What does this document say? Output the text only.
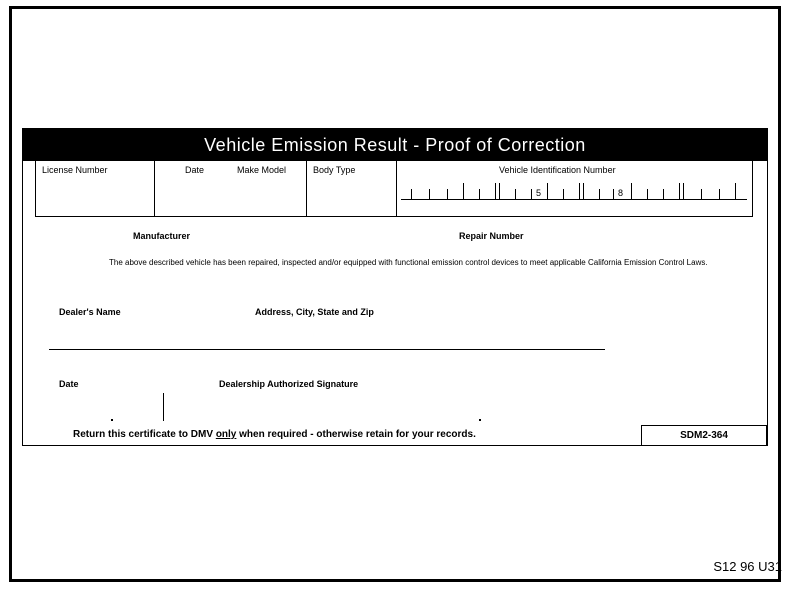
Vehicle Emission Result - Proof of Correction
License Number	Date	Make Model	Body Type	Vehicle Identification Number
5	8
Manufacturer	Repair Number
The above described vehicle has been repaired, inspected and/or equipped with functional emission control devices to meet applicable California Emission Control Laws.
Dealer's Name	Address, City, State and Zip
Date	Dealership Authorized Signature
Return this certificate to DMV only when required - otherwise retain for your records.	SDM2-364
S12 96 U31
